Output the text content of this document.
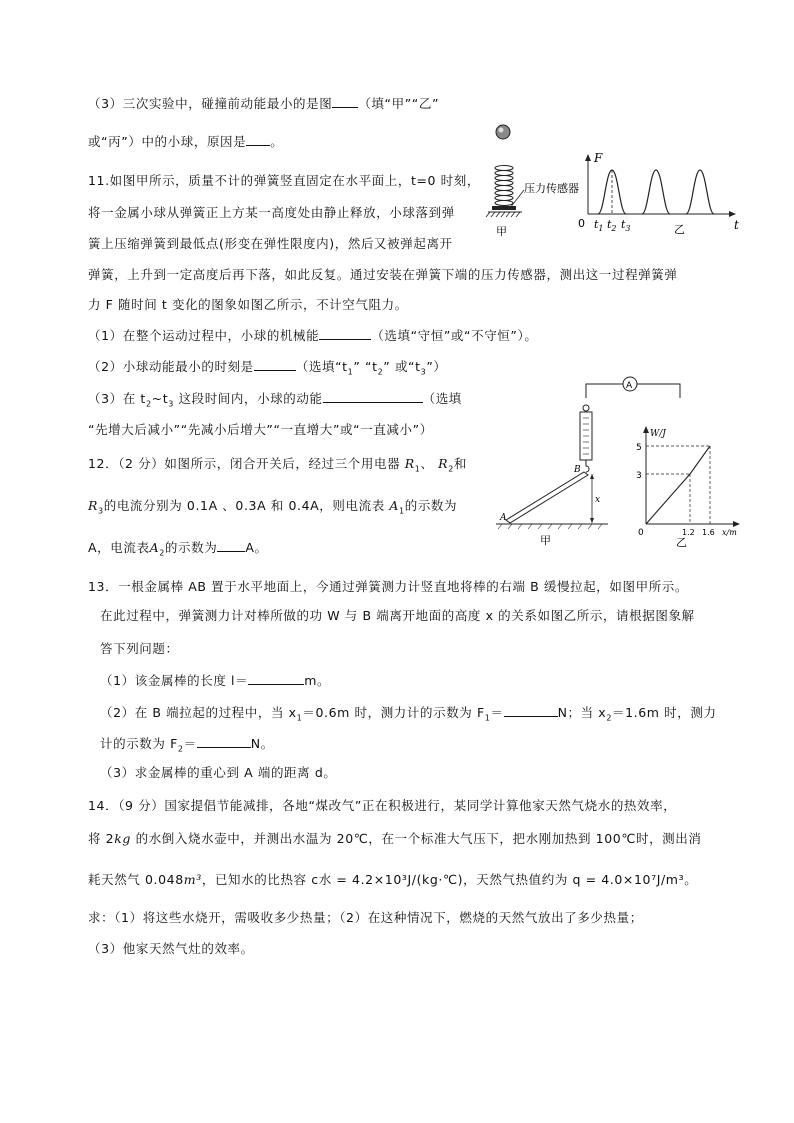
（3）三次实验中，碰撞前动能最小的是图 （填“甲”“乙”
或“丙”）中的小球，原因是 。
压力传感器
甲
F
t
0 $t_1$ $t_2$ $t_3$	乙
11.如图甲所示，质量不计的弹簧竖直固定在水平面上，t=0 时刻，
将一金属小球从弹簧正上方某一高度处由静止释放，小球落到弹
簧上压缩弹簧到最低点(形变在弹性限度内)，然后又被弹起离开
弹簧，上升到一定高度后再下落，如此反复。通过安装在弹簧下端的压力传感器，测出这一过程弹簧弹
力 F 随时间 t 变化的图象如图乙所示，不计空气阻力。
（1）在整个运动过程中，小球的机械能	（选填“守恒”或“不守恒”）。
（2）小球动能最小的时刻是	（选填“$t_1$” “$t_2$” 或“$t_3$”）
（3）在 $t_2\sim t_3$ 这段时间内，小球的动能	（选填
“先增大后减小”“先减小后增大”“一直增大”或“一直减小”）
A
B
A
x
甲
W/J
5
3
0	1.2 1.6 x/m
乙
12．（2 分）如图所示，闭合开关后，经过三个用电器 $R_1$、 $R_2$和
$R_3$的电流分别为 0.1A 、0.3A 和 0.4A，则电流表 $A_1$的示数为
A，电流表$A_2$的示数为 A。
13．一根金属棒 AB 置于水平地面上，今通过弹簧测力计竖直地将棒的右端 B 缓慢拉起，如图甲所示。
在此过程中，弹簧测力计对棒所做的功 W 与 B 端离开地面的高度 x 的关系如图乙所示，请根据图象解
答下列问题：
（1）该金属棒的长度 l＝	m。
（2）在 B 端拉起的过程中，当 $x_1=0.6m$ 时，测力计的示数为 $F_1=$	N；当 $x_2=1.6m$ 时，测力
计的示数为 $F_2=$	N。
（3）求金属棒的重心到 A 端的距离 d。
14．（9 分）国家提倡节能减排，各地“煤改气”正在积极进行，某同学计算他家天然气烧水的热效率，
将 2kg 的水倒入烧水壶中，并测出水温为 20℃，在一个标准大气压下，把水刚加热到 100℃时，测出消
耗天然气 0.048m³，已知水的比热容 c水 = 4.2×10³J/(kg·℃)，天然气热值约为 q = 4.0×10⁷J/m³。
求：（1）将这些水烧开，需吸收多少热量；（2）在这种情况下，燃烧的天然气放出了多少热量；
（3）他家天然气灶的效率。
